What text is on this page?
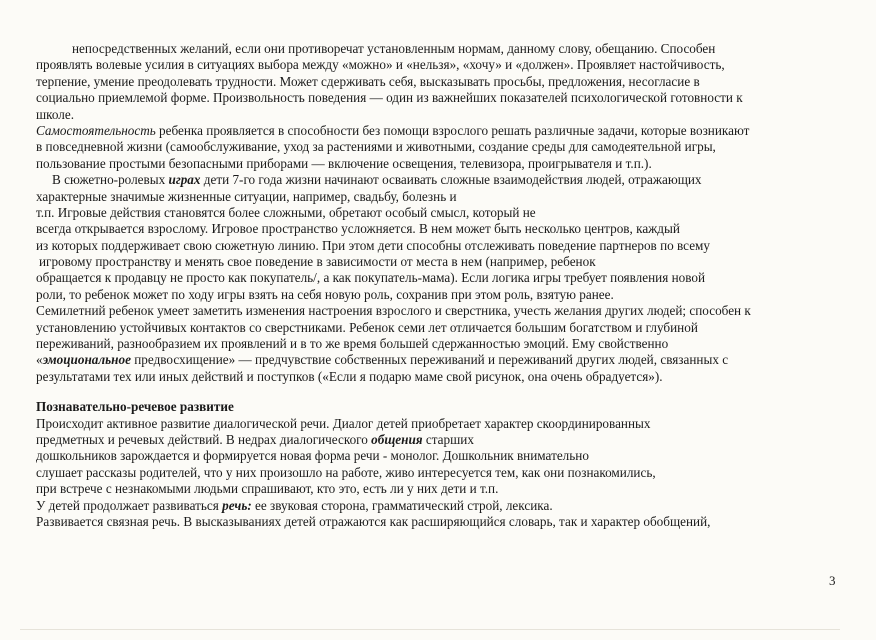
непосредственных желаний, если они противоречат установленным нормам, данному слову, обещанию. Способен
проявлять волевые усилия в ситуациях выбора между «можно» и «нельзя», «хочу» и «должен». Проявляет настойчивость,
терпение, умение преодолевать трудности. Может сдерживать себя, высказывать просьбы, предложения, несогласие в
социально приемлемой форме. Произвольность поведения — один из важнейших показателей психологической готовности к
школе.
Самостоятельность ребенка проявляется в способности без помощи взрослого решать различные задачи, которые возникают
в повседневной жизни (самообслуживание, уход за растениями и животными, создание среды для самодеятельной игры,
пользование простыми безопасными приборами — включение освещения, телевизора, проигрывателя и т.п.).
В сюжетно-ролевых играх дети 7-го года жизни начинают осваивать сложные взаимодействия людей, отражающих
характерные значимые жизненные ситуации, например, свадьбу, болезнь и
т.п. Игровые действия становятся более сложными, обретают особый смысл, который не
всегда открывается взрослому. Игровое пространство усложняется. В нем может быть несколько центров, каждый
из которых поддерживает свою сюжетную линию. При этом дети способны отслеживать поведение партнеров по всему
игровому пространству и менять свое поведение в зависимости от места в нем (например, ребенок
обращается к продавцу не просто как покупатель/, а как покупатель-мама). Если логика игры требует появления новой
роли, то ребенок может по ходу игры взять на себя новую роль, сохранив при этом роль, взятую ранее.
Семилетний ребенок умеет заметить изменения настроения взрослого и сверстника, учесть желания других людей; способен к
установлению устойчивых контактов со сверстниками. Ребенок семи лет отличается большим богатством и глубиной
переживаний, разнообразием их проявлений и в то же время большей сдержанностью эмоций. Ему свойственно
«эмоциональное предвосхищение» — предчувствие собственных переживаний и переживаний других людей, связанных с
результатами тех или иных действий и поступков («Если я подарю маме свой рисунок, она очень обрадуется»).
Познавательно-речевое развитие
Происходит активное развитие диалогической речи. Диалог детей приобретает характер скоординированных
предметных и речевых действий. В недрах диалогического общения старших
дошкольников зарождается и формируется новая форма речи - монолог. Дошкольник внимательно
слушает рассказы родителей, что у них произошло на работе, живо интересуется тем, как они познакомились,
при встрече с незнакомыми людьми спрашивают, кто это, есть ли у них дети и т.п.
У детей продолжает развиваться речь: ее звуковая сторона, грамматический строй, лексика.
Развивается связная речь. В высказываниях детей отражаются как расширяющийся словарь, так и характер обобщений,
3
